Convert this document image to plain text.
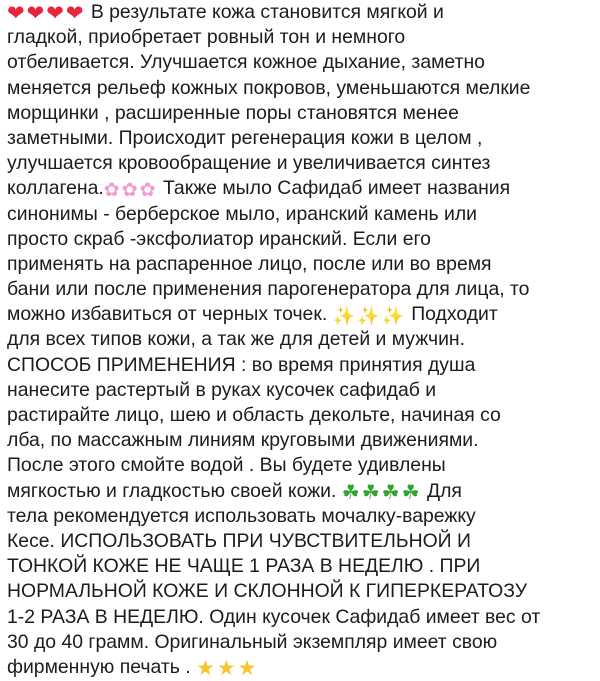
❤❤❤❤ В результате кожа становится мягкой и
гладкой, приобретает ровный тон и немного
отбеливается. Улучшается кожное дыхание, заметно
меняется рельеф кожных покровов, уменьшаются мелкие
морщинки , расширенные поры становятся менее
заметными. Происходит регенерация кожи в целом ,
улучшается кровообращение и увеличивается синтез
коллагена.✿ ✿ ✿ Также мыло Сафидаб имеет названия
синонимы - берберское мыло, иранский камень или
просто скраб -эксфолиатор иранский. Если его
применять на распаренное лицо, после или во время
бани или после применения парогенератора для лица, то
можно избавиться от черных точек. ✨ ✨ ✨ Подходит
для всех типов кожи, а так же для детей и мужчин.
СПОСОБ ПРИМЕНЕНИЯ : во время принятия душа
нанесите растертый в руках кусочек сафидаб и
растирайте лицо, шею и область декольте, начиная со
лба, по массажным линиям круговыми движениями.
После этого смойте водой . Вы будете удивлены
мягкостью и гладкостью своей кожи. ☘ ☘ ☘ ☘ Для
тела рекомендуется использовать мочалку-варежку
Кесе. ИСПОЛЬЗОВАТЬ ПРИ ЧУВСТВИТЕЛЬНОЙ И
ТОНКОЙ КОЖЕ НЕ ЧАЩЕ 1 РАЗА В НЕДЕЛЮ . ПРИ
НОРМАЛЬНОЙ КОЖЕ И СКЛОННОЙ К ГИПЕРКЕРАТОЗУ
1-2 РАЗА В НЕДЕЛЮ. Один кусочек Сафидаб имеет вес от
30 до 40 грамм. Оригинальный экземпляр имеет свою
фирменную печать . ★★★
